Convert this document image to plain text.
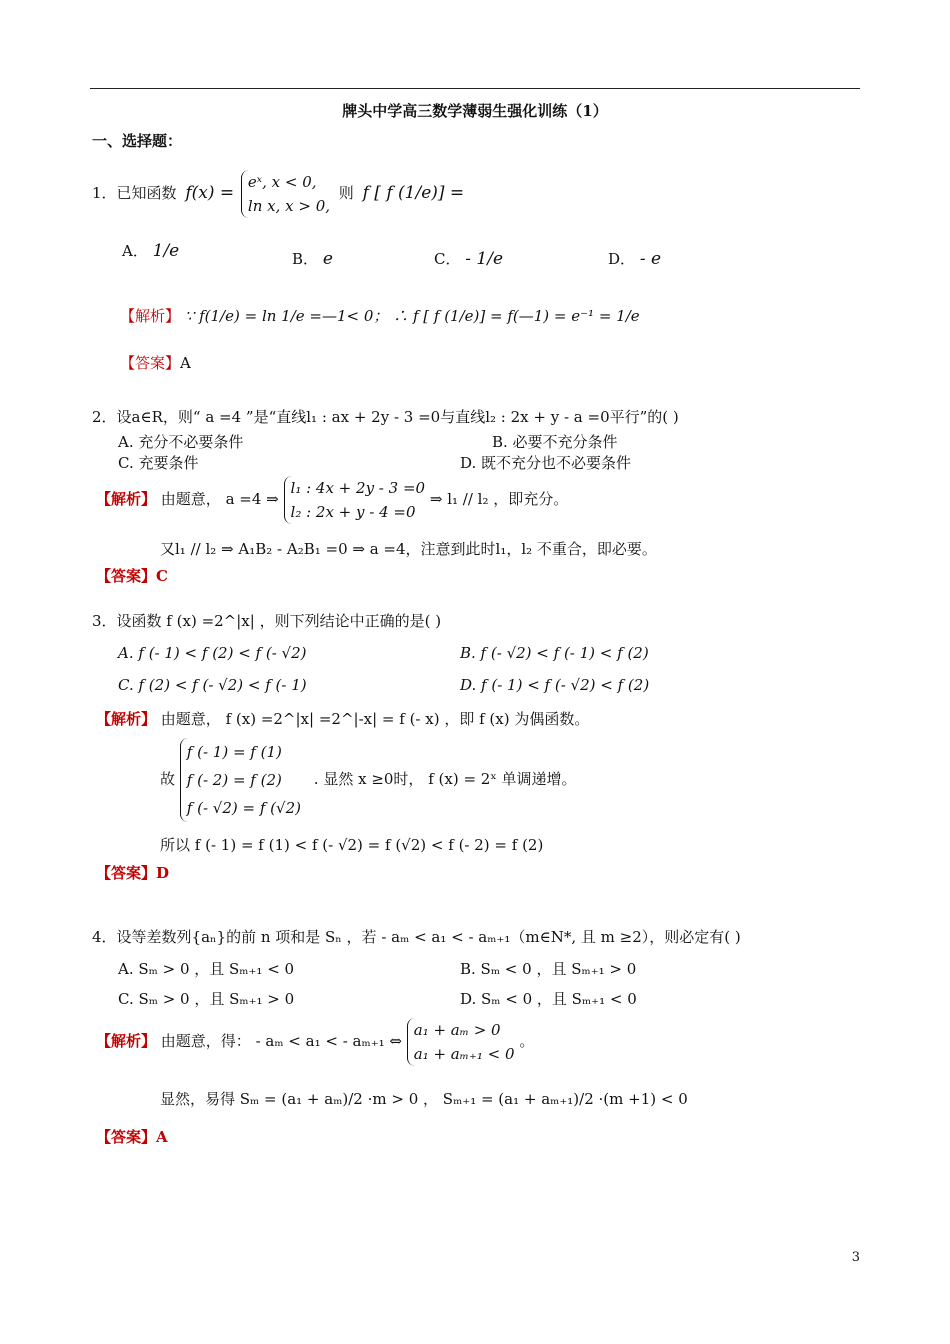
牌头中学高三数学薄弱生强化训练（1）
一、选择题：
1．已知函数 f(x) =
eˣ, x < 0,
ln x, x > 0,
则 f [ f (1/e)] =
A． 1/e	B． e	C． - 1/e	D． - e
【解析】 ∵ f(1/e) = ln 1/e =—1< 0； ∴ f [ f (1/e)] = f(—1) = e⁻¹ = 1/e
【答案】A
2．设a∈R，则“ a =4 ”是“直线l₁ : ax + 2y - 3 =0与直线l₂ : 2x + y - a =0平行”的( )
A. 充分不必要条件	B. 必要不充分条件
C. 充要条件	D. 既不充分也不必要条件
【解析】 由题意， a =4 ⇒
l₁ : 4x + 2y - 3 =0
l₂ : 2x + y - 4 =0
⇒ l₁ // l₂ ，即充分。
又l₁ // l₂ ⇒ A₁B₂ - A₂B₁ =0 ⇒ a =4，注意到此时l₁，l₂ 不重合，即必要。
【答案】C
3．设函数 f (x) =2^|x| ，则下列结论中正确的是( )
A. f (- 1) < f (2) < f (- √2)	B. f (- √2) < f (- 1) < f (2)
C. f (2) < f (- √2) < f (- 1)	D. f (- 1) < f (- √2) < f (2)
【解析】 由题意， f (x) =2^|x| =2^|-x| = f (- x) ，即 f (x) 为偶函数。
故
f (- 1) = f (1)
f (- 2) = f (2)
f (- √2) = f (√2)
. 显然 x ≥0时， f (x) = 2ˣ 单调递增。
所以 f (- 1) = f (1) < f (- √2) = f (√2) < f (- 2) = f (2)
【答案】D
4．设等差数列{aₙ}的前 n 项和是 Sₙ ，若 - aₘ < a₁ < - aₘ₊₁（m∈N*, 且 m ≥2），则必定有( )
A. Sₘ > 0 ，且 Sₘ₊₁ < 0	B. Sₘ < 0 ，且 Sₘ₊₁ > 0
C. Sₘ > 0 ，且 Sₘ₊₁ > 0	D. Sₘ < 0 ，且 Sₘ₊₁ < 0
【解析】 由题意，得： - aₘ < a₁ < - aₘ₊₁ ⇔
a₁ + aₘ > 0
a₁ + aₘ₊₁ < 0
。
显然，易得 Sₘ = (a₁ + aₘ)/2 ·m > 0 ， Sₘ₊₁ = (a₁ + aₘ₊₁)/2 ·(m +1) < 0
【答案】A
3
